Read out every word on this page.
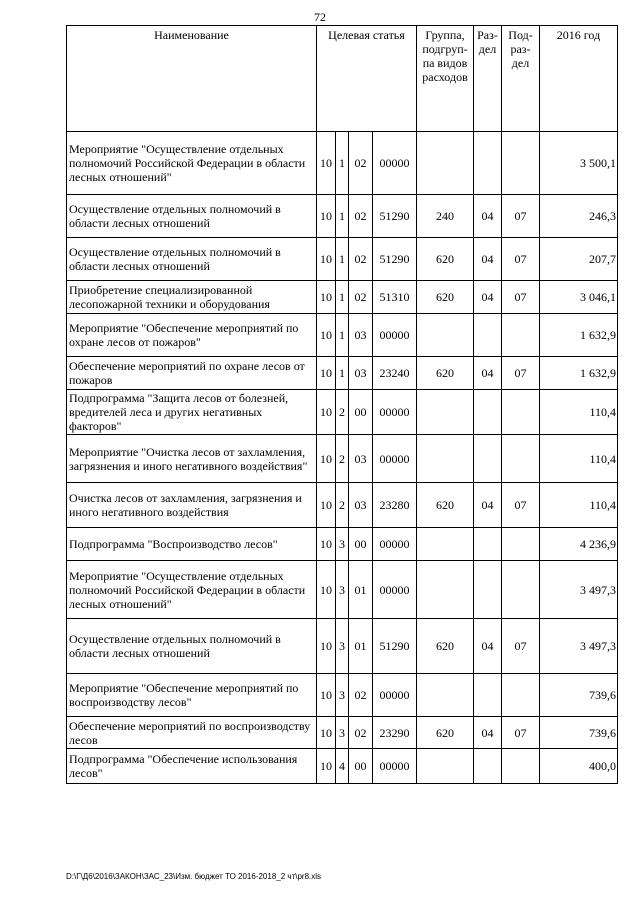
72
Наименование	Целевая статья				Группа, подгруп-па видов расходов	Раз-дел	Под-раз-дел	2016 год
Мероприятие "Осуществление отдельных полномочий Российской Федерации в области лесных отношений"	10	1	02	00000				3 500,1
Осуществление отдельных полномочий в области лесных отношений	10	1	02	51290	240	04	07	246,3
Осуществление отдельных полномочий в области лесных отношений	10	1	02	51290	620	04	07	207,7
Приобретение специализированной лесопожарной техники и оборудования	10	1	02	51310	620	04	07	3 046,1
Мероприятие "Обеспечение мероприятий по охране лесов от пожаров"	10	1	03	00000				1 632,9
Обеспечение мероприятий по охране лесов от пожаров	10	1	03	23240	620	04	07	1 632,9
Подпрограмма "Защита лесов от болезней, вредителей леса и других негативных факторов"	10	2	00	00000				110,4
Мероприятие "Очистка лесов от захламления, загрязнения и иного негативного воздействия"	10	2	03	00000				110,4
Очистка лесов от захламления, загрязнения и иного негативного воздействия	10	2	03	23280	620	04	07	110,4
Подпрограмма "Воспроизводство лесов"	10	3	00	00000				4 236,9
Мероприятие "Осуществление отдельных полномочий Российской Федерации в области лесных отношений"	10	3	01	00000				3 497,3
Осуществление отдельных полномочий в области лесных отношений	10	3	01	51290	620	04	07	3 497,3
Мероприятие "Обеспечение мероприятий по воспроизводству лесов"	10	3	02	00000				739,6
Обеспечение мероприятий по воспроизводству лесов	10	3	02	23290	620	04	07	739,6
Подпрограмма "Обеспечение использования лесов"	10	4	00	00000				400,0
D:\Г\Д6\2016\ЗАКОН\ЗАС_23\Изм. бюджет ТО 2016-2018_2 чт\pr8.xls
